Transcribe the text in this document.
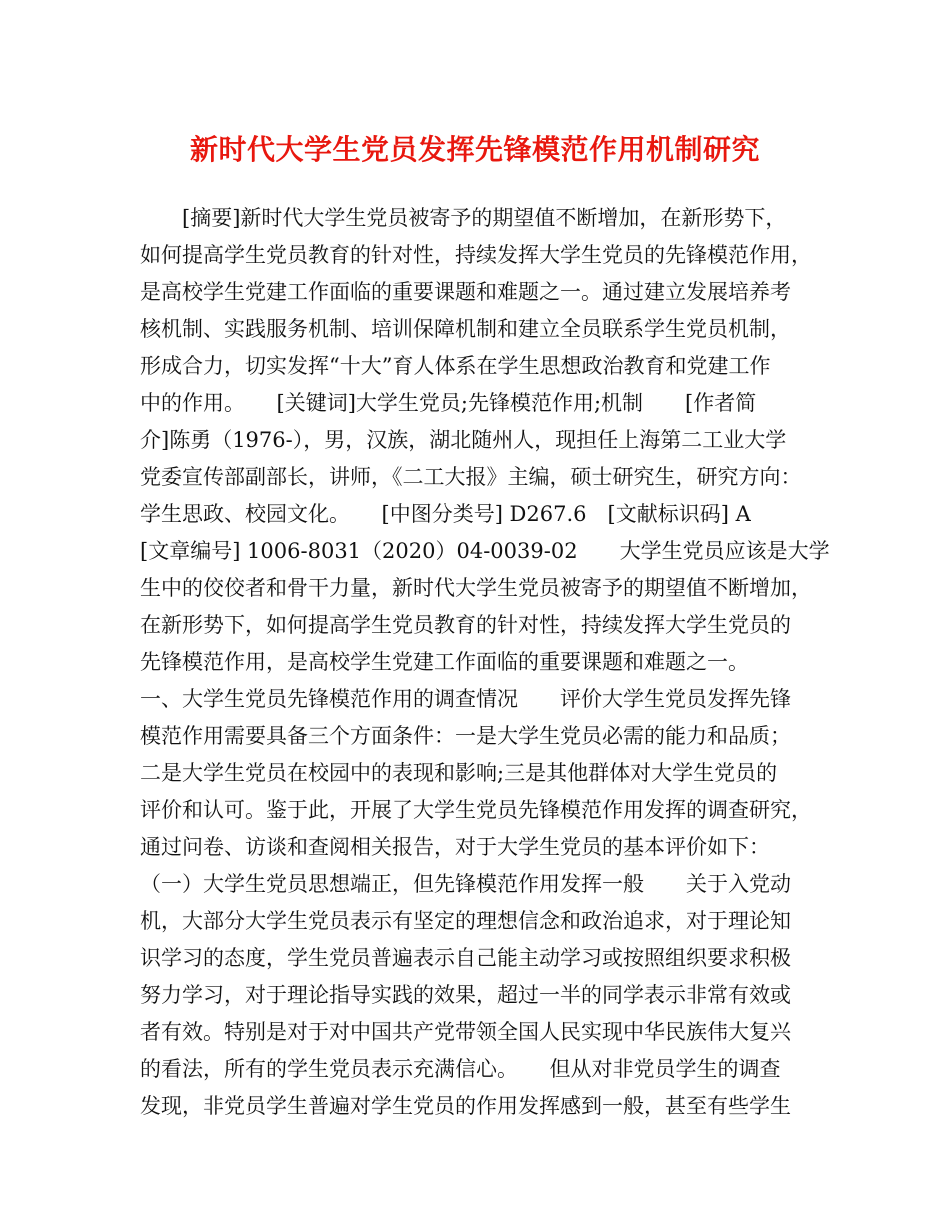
新时代大学生党员发挥先锋模范作用机制研究
　　[摘要]新时代大学生党员被寄予的期望值不断增加，在新形势下，
如何提高学生党员教育的针对性，持续发挥大学生党员的先锋模范作用，
是高校学生党建工作面临的重要课题和难题之一。通过建立发展培养考
核机制、实践服务机制、培训保障机制和建立全员联系学生党员机制，
形成合力，切实发挥“十大”育人体系在学生思想政治教育和党建工作
中的作用。　　[关键词]大学生党员;先锋模范作用;机制　　[作者简
介]陈勇（1976-），男，汉族，湖北随州人，现担任上海第二工业大学
党委宣传部副部长，讲师，《二工大报》主编，硕士研究生，研究方向：
学生思政、校园文化。　　[中图分类号] D267.6　[文献标识码] A
[文章编号] 1006-8031（2020）04-0039-02　　大学生党员应该是大学
生中的佼佼者和骨干力量，新时代大学生党员被寄予的期望值不断增加，
在新形势下，如何提高学生党员教育的针对性，持续发挥大学生党员的
先锋模范作用，是高校学生党建工作面临的重要课题和难题之一。
一、大学生党员先锋模范作用的调查情况　　评价大学生党员发挥先锋
模范作用需要具备三个方面条件：一是大学生党员必需的能力和品质；
二是大学生党员在校园中的表现和影响;三是其他群体对大学生党员的
评价和认可。鉴于此，开展了大学生党员先锋模范作用发挥的调查研究，
通过问卷、访谈和查阅相关报告，对于大学生党员的基本评价如下：
（一）大学生党员思想端正，但先锋模范作用发挥一般　　关于入党动
机，大部分大学生党员表示有坚定的理想信念和政治追求，对于理论知
识学习的态度，学生党员普遍表示自己能主动学习或按照组织要求积极
努力学习，对于理论指导实践的效果，超过一半的同学表示非常有效或
者有效。特别是对于对中国共产党带领全国人民实现中华民族伟大复兴
的看法，所有的学生党员表示充满信心。　　但从对非党员学生的调查
发现，非党员学生普遍对学生党员的作用发挥感到一般，甚至有些学生
